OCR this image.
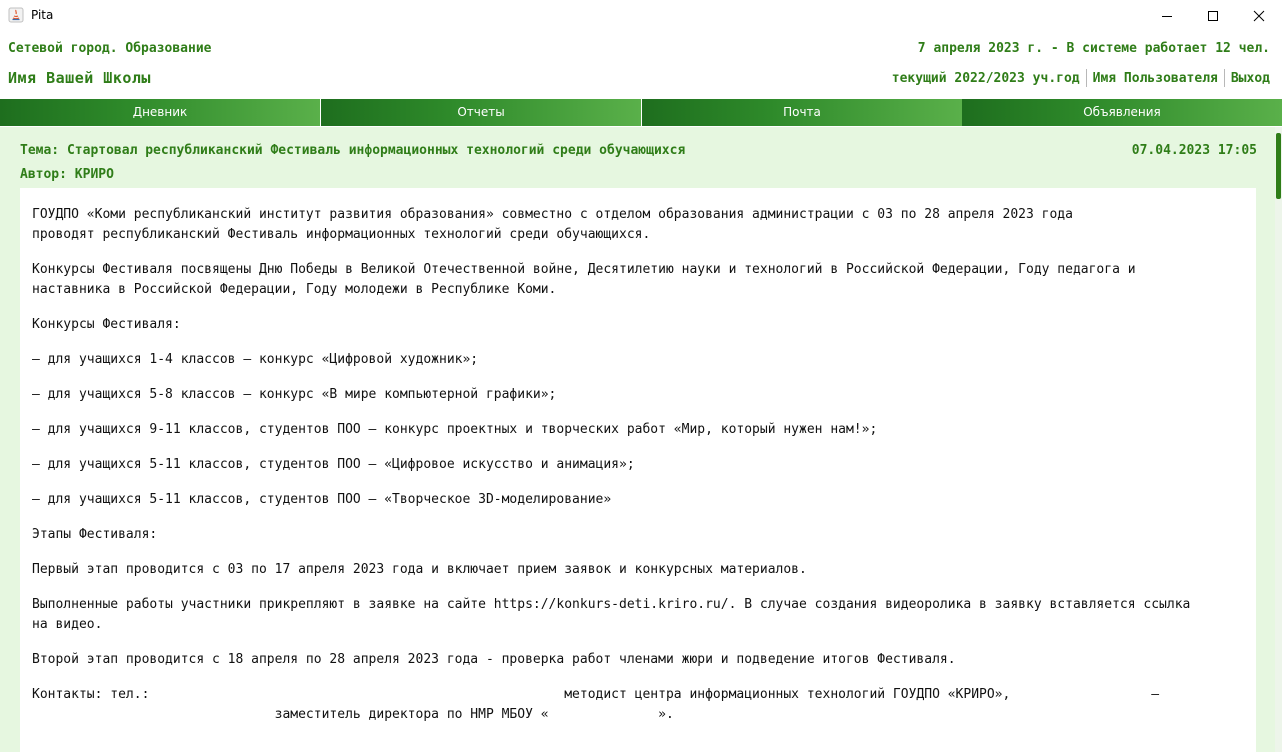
Pita
Сетевой город. Образование
Имя Вашей Школы
7 апреля 2023 г. - В системе работает 12 чел.
текущий 2022/2023 уч.год Имя Пользователя Выход
Дневник	Отчеты	Почта	Объявления
Тема: Стартовал республиканский Фестиваль информационных технологий среди обучающихся	07.04.2023 17:05
Автор: КРИРО
ГОУДПО «Коми республиканский институт развития образования» совместно с отделом образования администрации с 03 по 28 апреля 2023 года
проводят республиканский Фестиваль информационных технологий среди обучающихся.
Конкурсы Фестиваля посвящены Дню Победы в Великой Отечественной войне, Десятилетию науки и технологий в Российской Федерации, Году педагога и
наставника в Российской Федерации, Году молодежи в Республике Коми.
Конкурсы Фестиваля:
– для учащихся 1-4 классов – конкурс «Цифровой художник»;
– для учащихся 5-8 классов – конкурс «В мире компьютерной графики»;
– для учащихся 9-11 классов, студентов ПОО – конкурс проектных и творческих работ «Мир, который нужен нам!»;
– для учащихся 5-11 классов, студентов ПОО – «Цифровое искусство и анимация»;
– для учащихся 5-11 классов, студентов ПОО – «Творческое 3D-моделирование»
Этапы Фестиваля:
Первый этап проводится с 03 по 17 апреля 2023 года и включает прием заявок и конкурсных материалов.
Выполненные работы участники прикрепляют в заявке на сайте https://konkurs-deti.kriro.ru/. В случае создания видеоролика в заявку вставляется ссылка
на видео.
Второй этап проводится с 18 апреля по 28 апреля 2023 года - проверка работ членами жюри и подведение итогов Фестиваля.
Контакты: тел.:                                                     методист центра информационных технологий ГОУДПО «КРИРО»,                  –
заместитель директора по НМР МБОУ «              ».
